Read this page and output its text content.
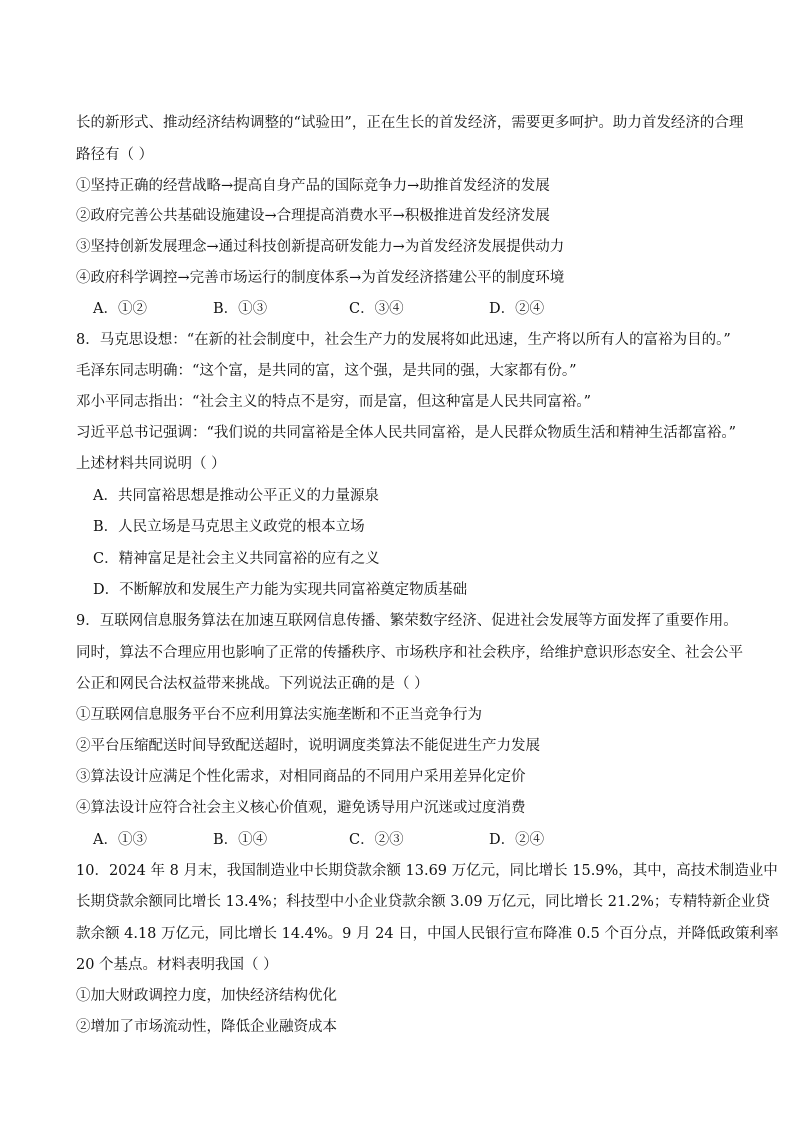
长的新形式、推动经济结构调整的“试验田”，正在生长的首发经济，需要更多呵护。助力首发经济的合理
路径有（ ）
①坚持正确的经营战略→提高自身产品的国际竞争力→助推首发经济的发展
②政府完善公共基础设施建设→合理提高消费水平→积极推进首发经济发展
③坚持创新发展理念→通过科技创新提高研发能力→为首发经济发展提供动力
④政府科学调控→完善市场运行的制度体系→为首发经济搭建公平的制度环境
A．①②	B．①③	C．③④	D．②④
8．马克思设想：“在新的社会制度中，社会生产力的发展将如此迅速，生产将以所有人的富裕为目的。”
毛泽东同志明确：“这个富，是共同的富，这个强，是共同的强，大家都有份。”
邓小平同志指出：“社会主义的特点不是穷，而是富，但这种富是人民共同富裕。”
习近平总书记强调：“我们说的共同富裕是全体人民共同富裕，是人民群众物质生活和精神生活都富裕。”
上述材料共同说明（ ）
A．共同富裕思想是推动公平正义的力量源泉
B．人民立场是马克思主义政党的根本立场
C．精神富足是社会主义共同富裕的应有之义
D．不断解放和发展生产力能为实现共同富裕奠定物质基础
9．互联网信息服务算法在加速互联网信息传播、繁荣数字经济、促进社会发展等方面发挥了重要作用。
同时，算法不合理应用也影响了正常的传播秩序、市场秩序和社会秩序，给维护意识形态安全、社会公平
公正和网民合法权益带来挑战。下列说法正确的是（ ）
①互联网信息服务平台不应利用算法实施垄断和不正当竞争行为
②平台压缩配送时间导致配送超时，说明调度类算法不能促进生产力发展
③算法设计应满足个性化需求，对相同商品的不同用户采用差异化定价
④算法设计应符合社会主义核心价值观，避免诱导用户沉迷或过度消费
A．①③	B．①④	C．②③	D．②④
10．2024 年 8 月末，我国制造业中长期贷款余额 13.69 万亿元，同比增长 15.9%，其中，高技术制造业中
长期贷款余额同比增长 13.4%；科技型中小企业贷款余额 3.09 万亿元，同比增长 21.2%；专精特新企业贷
款余额 4.18 万亿元，同比增长 14.4%。9 月 24 日，中国人民银行宣布降准 0.5 个百分点，并降低政策利率
20 个基点。材料表明我国（ ）
①加大财政调控力度，加快经济结构优化
②增加了市场流动性，降低企业融资成本
